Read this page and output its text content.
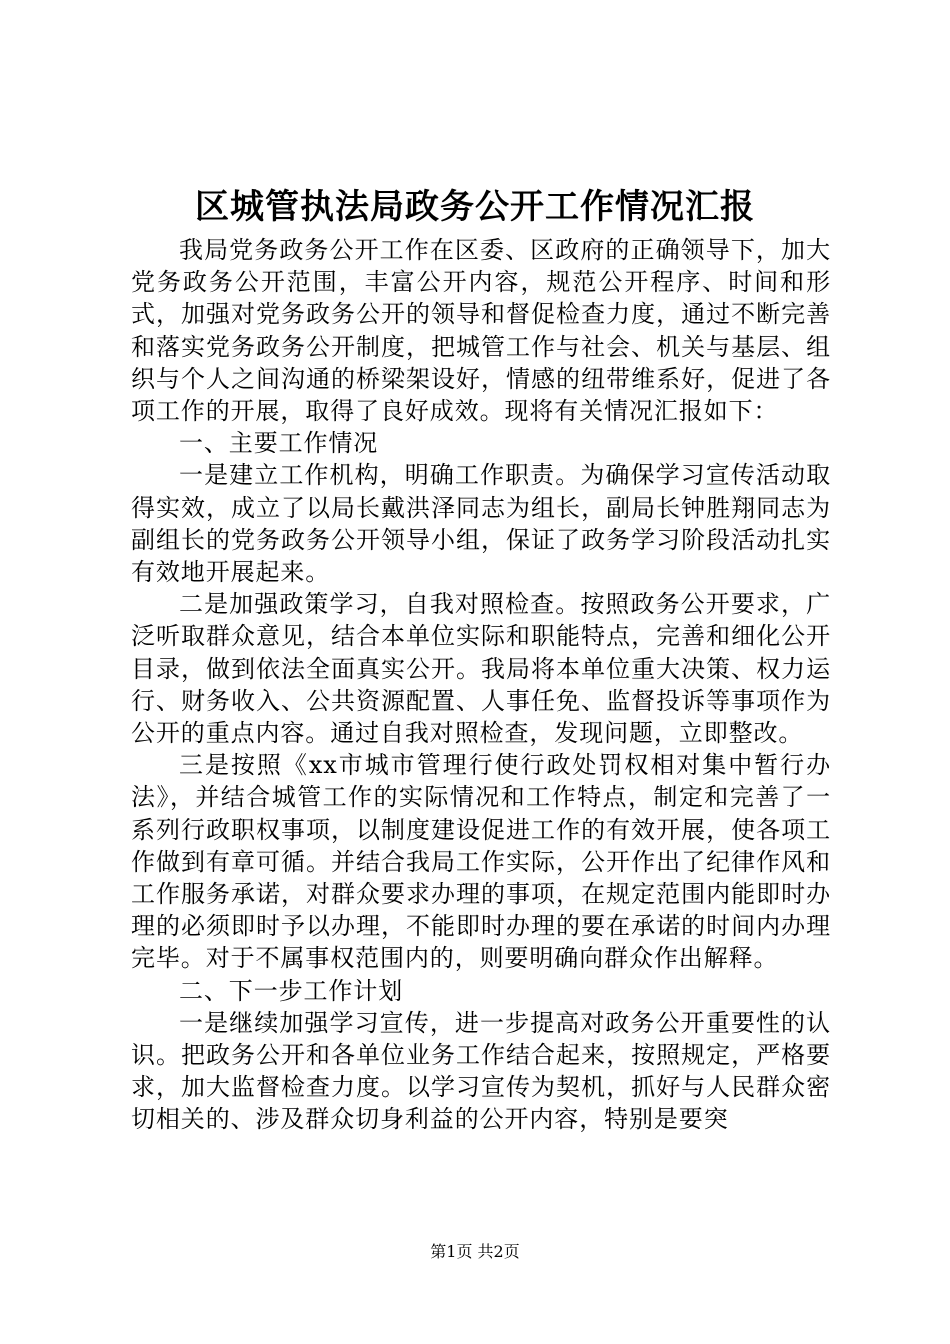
区城管执法局政务公开工作情况汇报

我局党务政务公开工作在区委、区政府的正确领导下，加大党务政务公开范围，丰富公开内容，规范公开程序、时间和形式，加强对党务政务公开的领导和督促检查力度，通过不断完善和落实党务政务公开制度，把城管工作与社会、机关与基层、组织与个人之间沟通的桥梁架设好，情感的纽带维系好，促进了各项工作的开展，取得了良好成效。现将有关情况汇报如下：

一、主要工作情况

一是建立工作机构，明确工作职责。为确保学习宣传活动取得实效，成立了以局长戴洪泽同志为组长，副局长钟胜翔同志为副组长的党务政务公开领导小组，保证了政务学习阶段活动扎实有效地开展起来。

二是加强政策学习，自我对照检查。按照政务公开要求，广泛听取群众意见，结合本单位实际和职能特点，完善和细化公开目录，做到依法全面真实公开。我局将本单位重大决策、权力运行、财务收入、公共资源配置、人事任免、监督投诉等事项作为公开的重点内容。通过自我对照检查，发现问题，立即整改。

三是按照《xx市城市管理行使行政处罚权相对集中暂行办法》，并结合城管工作的实际情况和工作特点，制定和完善了一系列行政职权事项，以制度建设促进工作的有效开展，使各项工作做到有章可循。并结合我局工作实际，公开作出了纪律作风和工作服务承诺，对群众要求办理的事项，在规定范围内能即时办理的必须即时予以办理，不能即时办理的要在承诺的时间内办理完毕。对于不属事权范围内的，则要明确向群众作出解释。

二、下一步工作计划

一是继续加强学习宣传，进一步提高对政务公开重要性的认识。把政务公开和各单位业务工作结合起来，按照规定，严格要求，加大监督检查力度。以学习宣传为契机，抓好与人民群众密切相关的、涉及群众切身利益的公开内容，特别是要突

第1页 共2页
